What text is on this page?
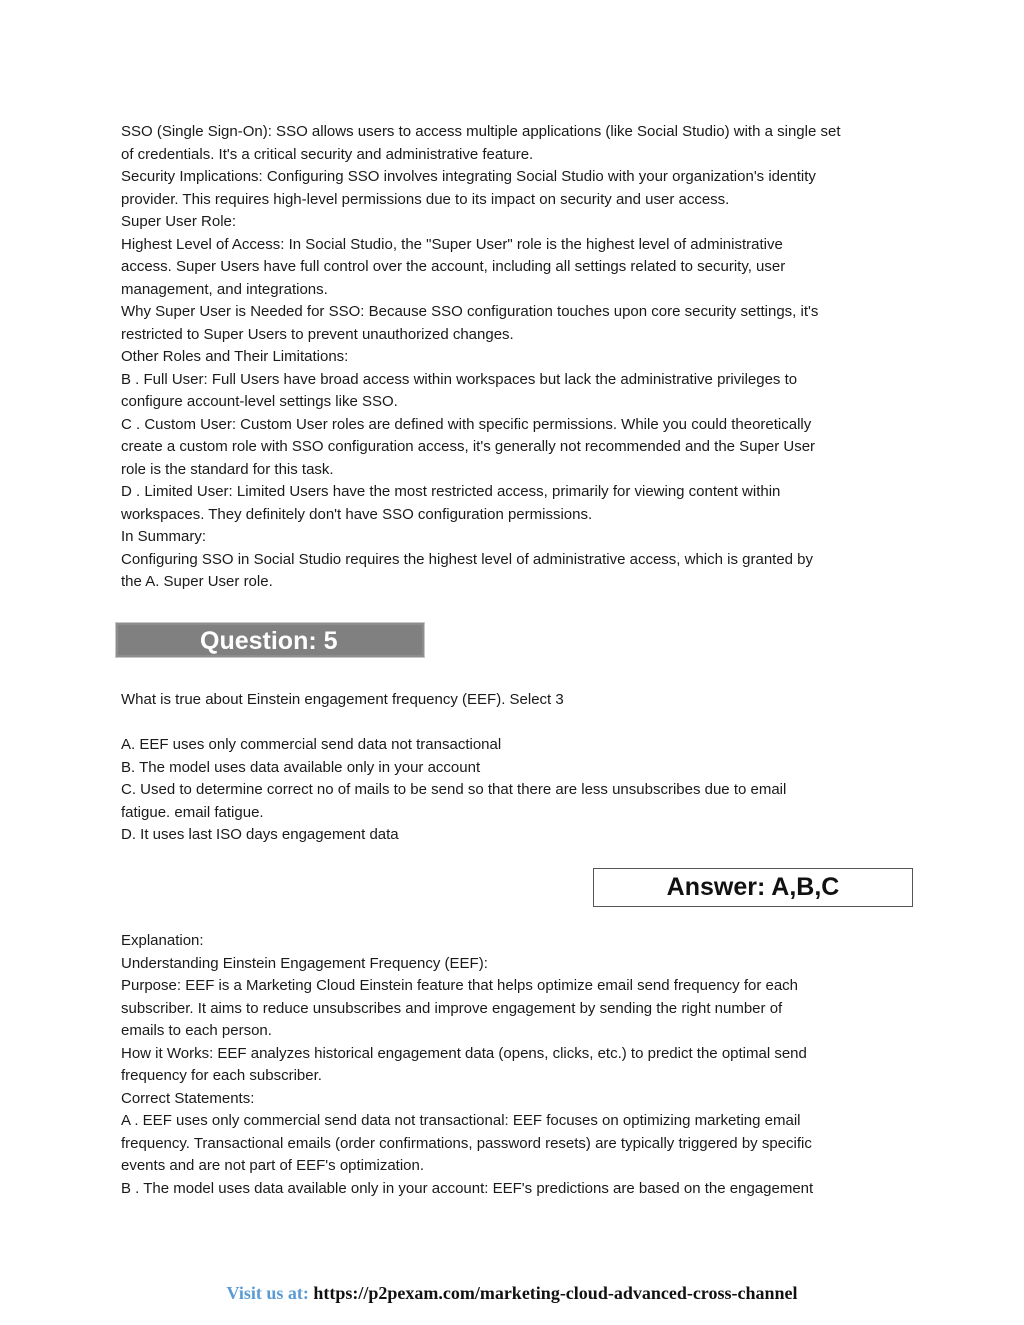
SSO (Single Sign-On): SSO allows users to access multiple applications (like Social Studio) with a single set

of credentials. It's a critical security and administrative feature.

Security Implications: Configuring SSO involves integrating Social Studio with your organization's identity

provider. This requires high-level permissions due to its impact on security and user access.

Super User Role:

Highest Level of Access: In Social Studio, the "Super User" role is the highest level of administrative

access. Super Users have full control over the account, including all settings related to security, user

management, and integrations.

Why Super User is Needed for SSO: Because SSO configuration touches upon core security settings, it's

restricted to Super Users to prevent unauthorized changes.

Other Roles and Their Limitations:

B . Full User: Full Users have broad access within workspaces but lack the administrative privileges to

configure account-level settings like SSO.

C . Custom User: Custom User roles are defined with specific permissions. While you could theoretically

create a custom role with SSO configuration access, it's generally not recommended and the Super User

role is the standard for this task.

D . Limited User: Limited Users have the most restricted access, primarily for viewing content within

workspaces. They definitely don't have SSO configuration permissions.

In Summary:

Configuring SSO in Social Studio requires the highest level of administrative access, which is granted by

the A. Super User role.

Question: 5

What is true about Einstein engagement frequency (EEF). Select 3

A. EEF uses only commercial send data not transactional

B. The model uses data available only in your account

C. Used to determine correct no of mails to be send so that there are less unsubscribes due to email

fatigue. email fatigue.

D. It uses last ISO days engagement data

Answer: A,B,C

Explanation:

Understanding Einstein Engagement Frequency (EEF):

Purpose: EEF is a Marketing Cloud Einstein feature that helps optimize email send frequency for each

subscriber. It aims to reduce unsubscribes and improve engagement by sending the right number of

emails to each person.

How it Works: EEF analyzes historical engagement data (opens, clicks, etc.) to predict the optimal send

frequency for each subscriber.

Correct Statements:

A . EEF uses only commercial send data not transactional: EEF focuses on optimizing marketing email

frequency. Transactional emails (order confirmations, password resets) are typically triggered by specific

events and are not part of EEF's optimization.

B . The model uses data available only in your account: EEF's predictions are based on the engagement

Visit us at: https://p2pexam.com/marketing-cloud-advanced-cross-channel
